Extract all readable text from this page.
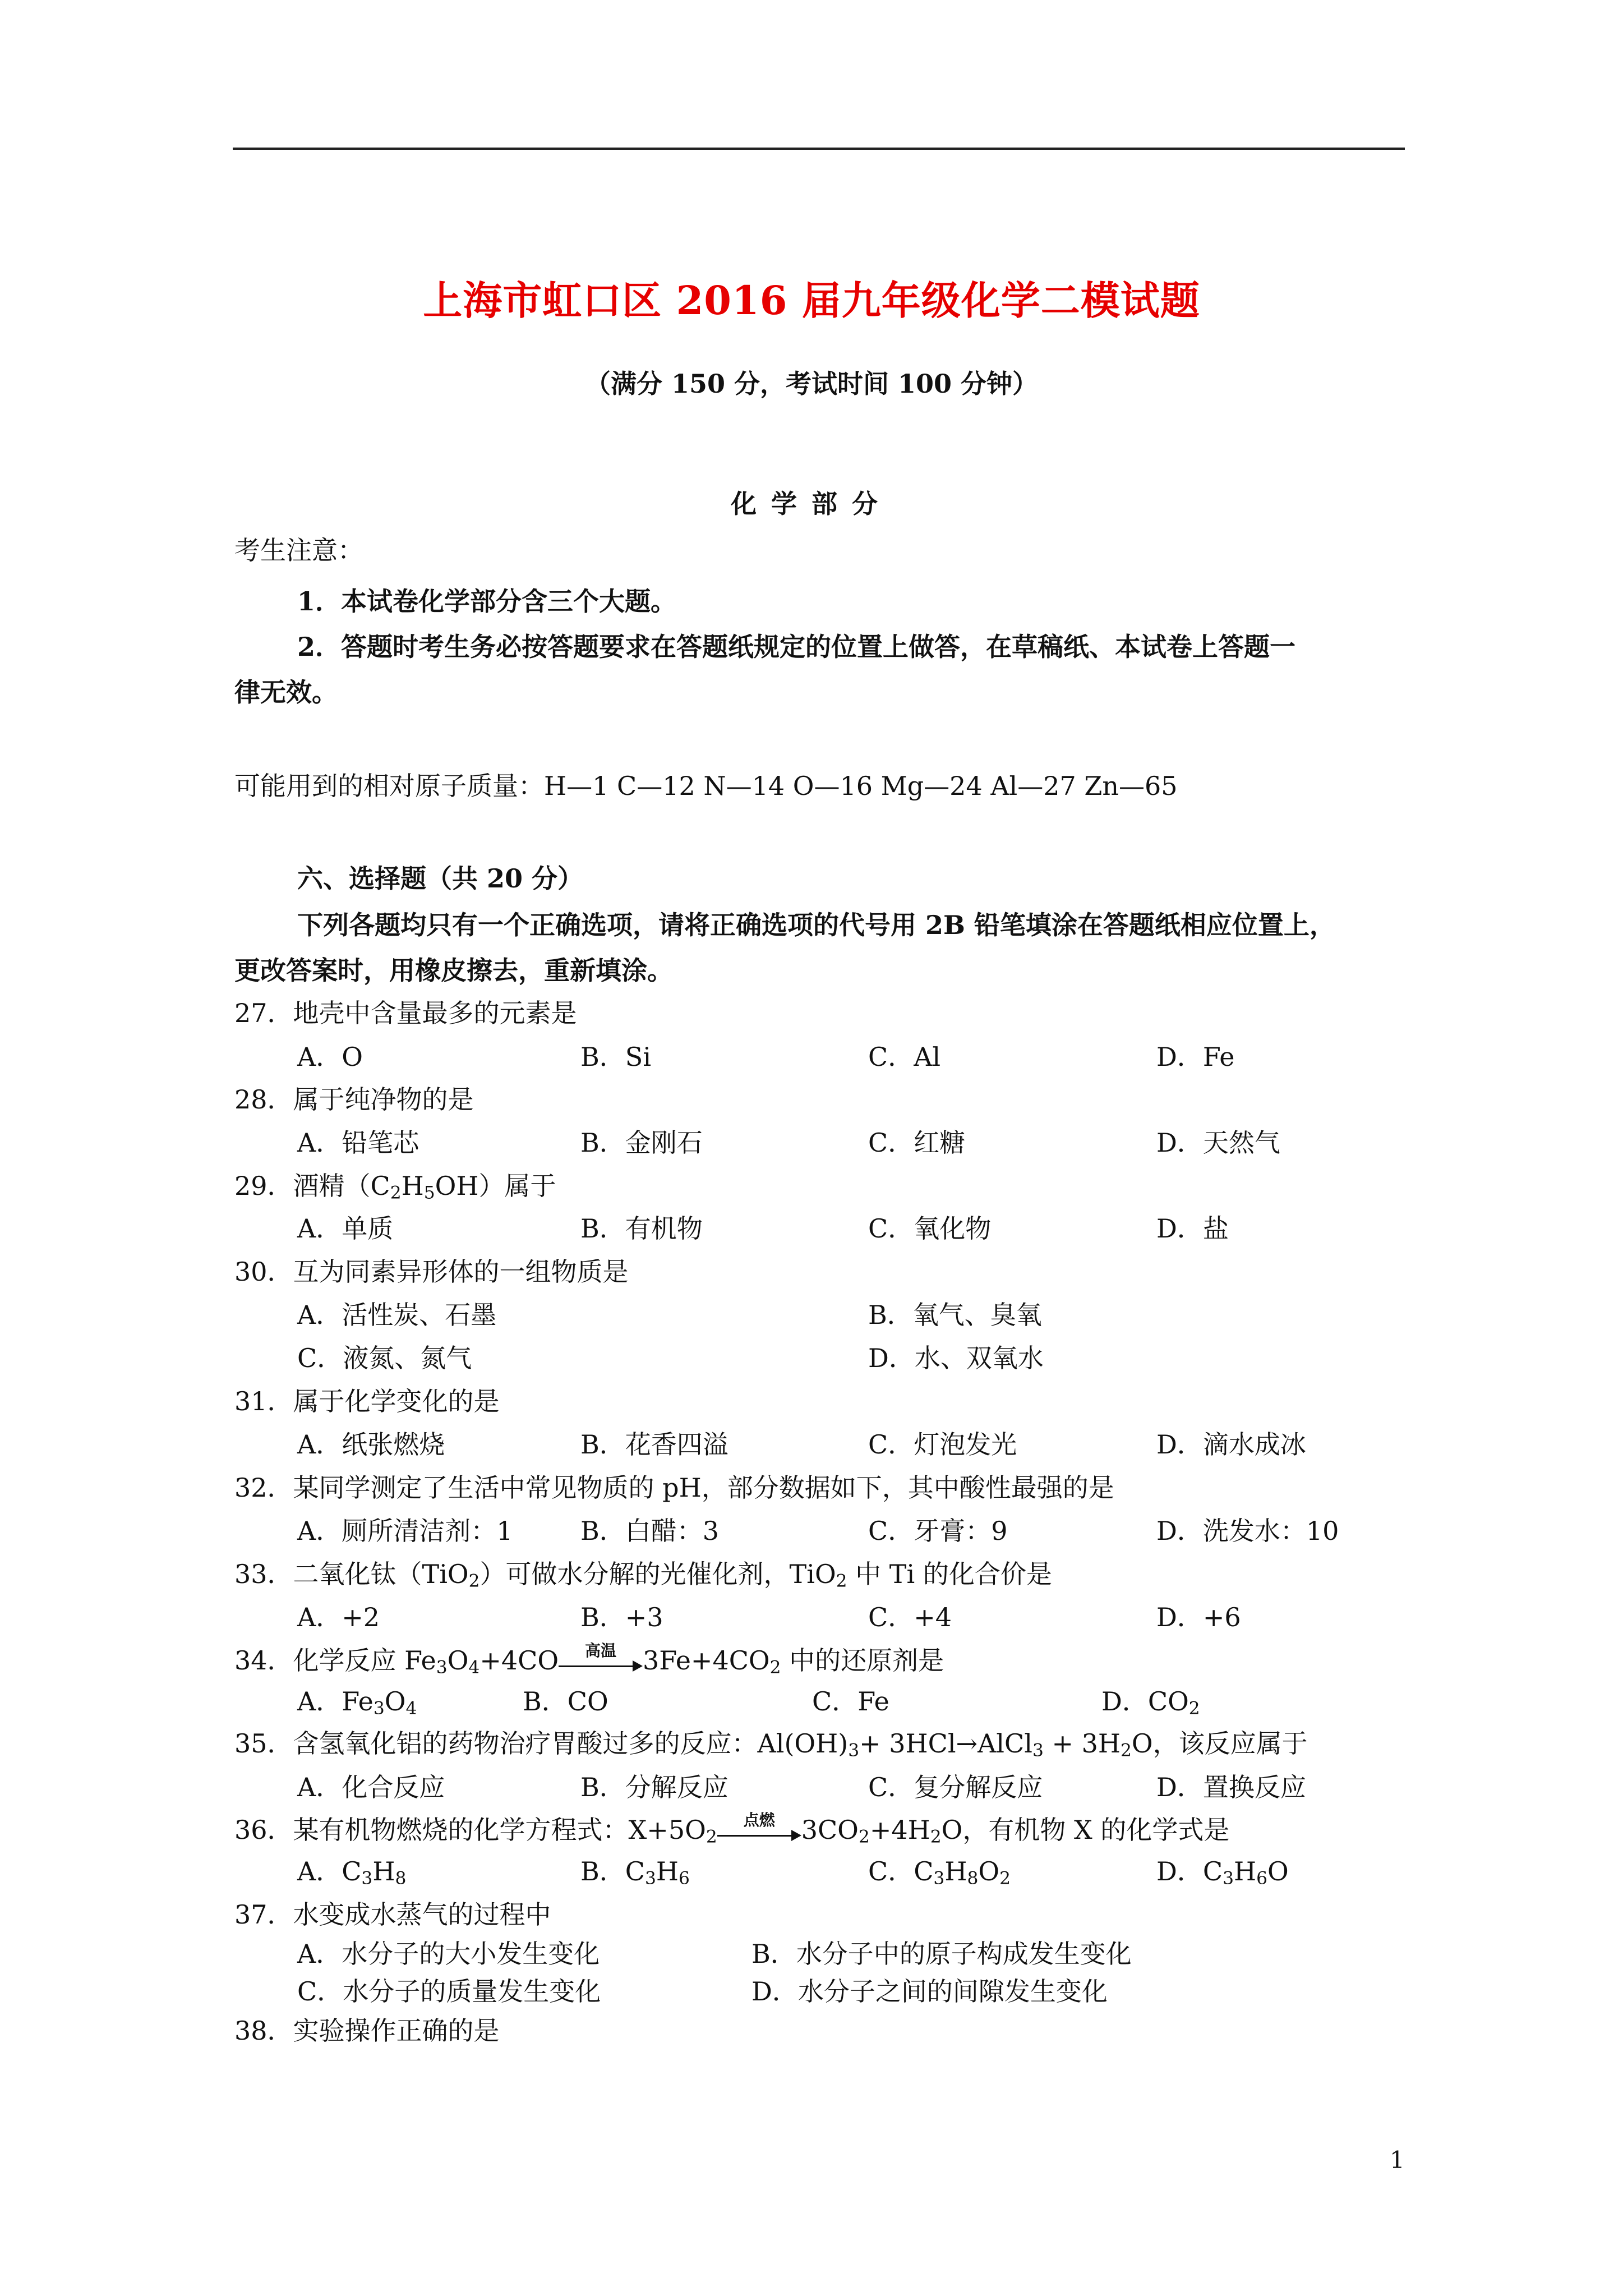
上海市虹口区 2016 届九年级化学二模试题
（满分 150 分，考试时间 100 分钟）
化学部分
考生注意：
1．本试卷化学部分含三个大题。
2．答题时考生务必按答题要求在答题纸规定的位置上做答，在草稿纸、本试卷上答题一
律无效。
可能用到的相对原子质量：H—1 C—12 N—14 O—16 Mg—24 Al—27 Zn—65
六、选择题（共 20 分）
下列各题均只有一个正确选项，请将正确选项的代号用 2B 铅笔填涂在答题纸相应位置上，
更改答案时，用橡皮擦去，重新填涂。
27．地壳中含量最多的元素是
A．O	B．Si	C．Al	D．Fe
28．属于纯净物的是
A．铅笔芯	B．金刚石	C．红糖	D．天然气
29．酒精$(C_2H_5OH)$属于
A．单质	B．有机物	C．氧化物	D．盐
30．互为同素异形体的一组物质是
A．活性炭、石墨	B．氧气、臭氧
C．液氮、氮气	D．水、双氧水
31．属于化学变化的是
A．纸张燃烧	B．花香四溢	C．灯泡发光	D．滴水成冰
32．某同学测定了生活中常见物质的 pH，部分数据如下，其中酸性最强的是
A．厕所清洁剂：1	B．白醋：3	C．牙膏：9	D．洗发水：10
33．二氧化钛（TiO$_2$）可做水分解的光催化剂，TiO$_2$ 中 Ti 的化合价是
A．+2	B．+3	C．+4	D．+6
34．化学反应 $Fe_3O_4+4CO$	高温	$3Fe+4CO_2$ 中的还原剂是
A．$Fe_3O_4$	B．CO	C．Fe	D．$CO_2$
35．含氢氧化铝的药物治疗胃酸过多的反应：$Al(OH)_3+$ 3HCl→AlCl$_3$ + $3H_2O$，该反应属于
A．化合反应	B．分解反应	C．复分解反应	D．置换反应
36．某有机物燃烧的化学方程式：$X+5O_2$
点燃	$3CO_2+4H_2O$，有机物 X 的化学式是
A．$C_3H_8$	B．$C_3H_6$	C．$C_3H_8O_2$	D．$C_3H_6O$
37．水变成水蒸气的过程中
A．水分子的大小发生变化	B．水分子中的原子构成发生变化
C．水分子的质量发生变化	D．水分子之间的间隙发生变化
38．实验操作正确的是
1
